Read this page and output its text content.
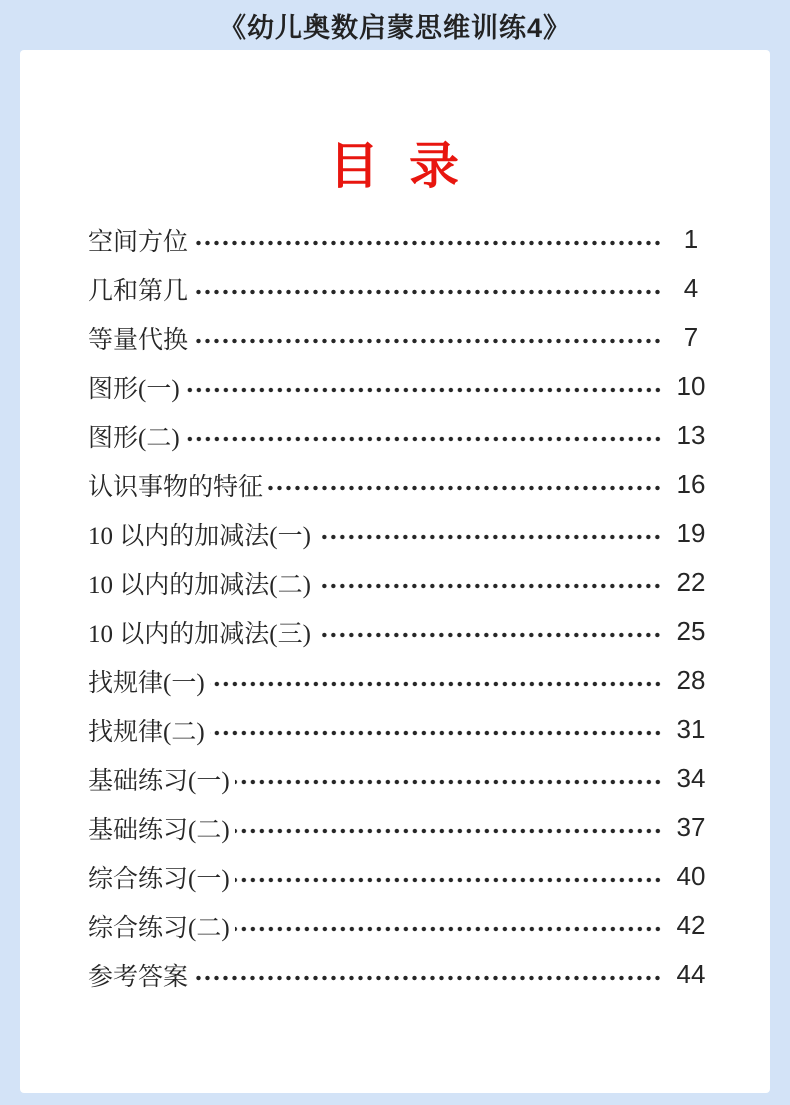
《幼儿奥数启蒙思维训练4》
目 录
空间方位	1
几和第几	4
等量代换	7
图形(一)	10
图形(二)	13
认识事物的特征	16
10 以内的加减法(一)	19
10 以内的加减法(二)	22
10 以内的加减法(三)	25
找规律(一)	28
找规律(二)	31
基础练习(一)	34
基础练习(二)	37
综合练习(一)	40
综合练习(二)	42
参考答案	44
